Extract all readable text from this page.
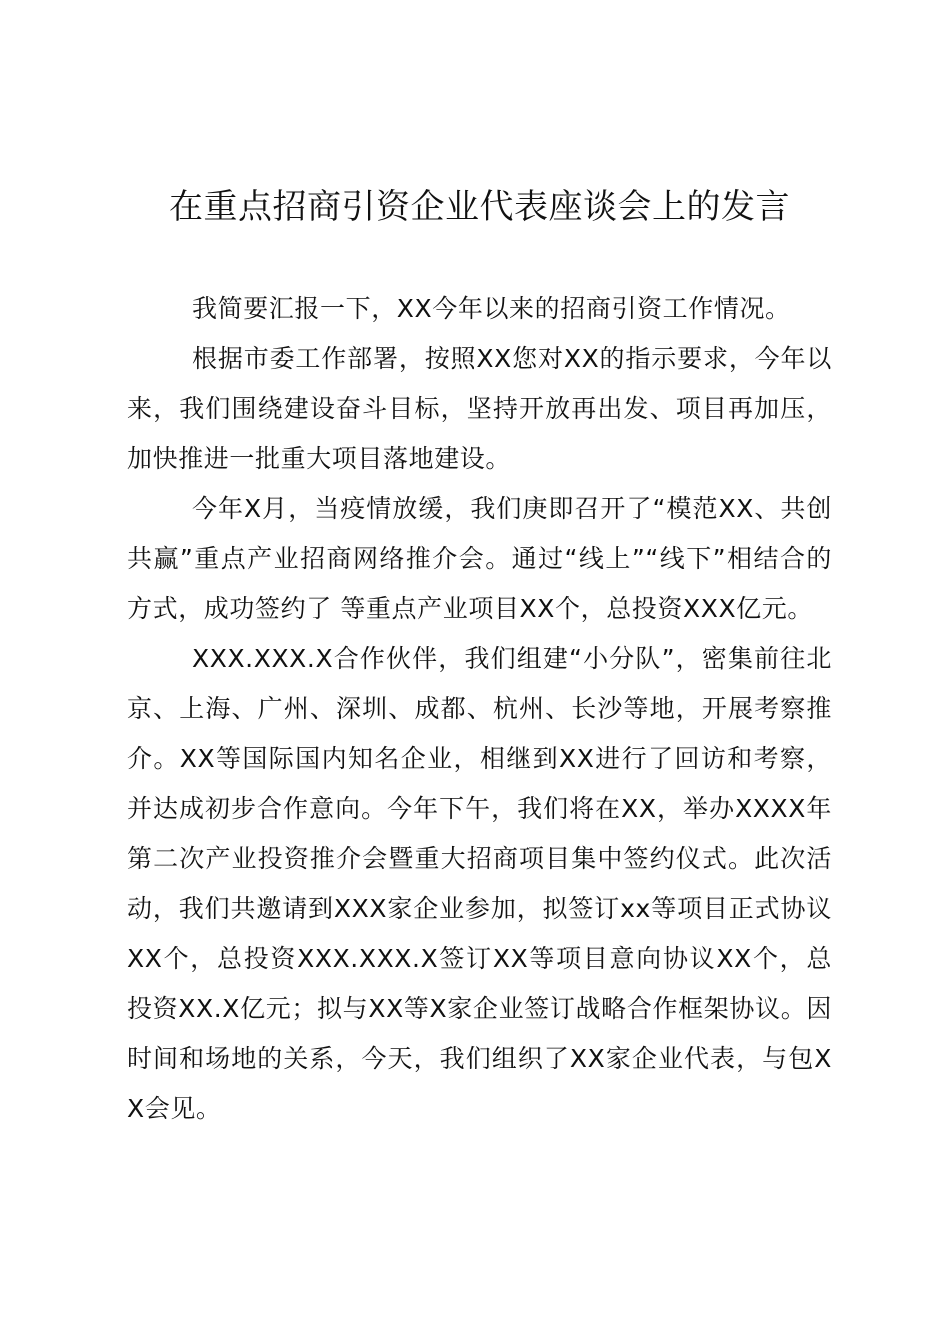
在重点招商引资企业代表座谈会上的发言

我简要汇报一下，XX今年以来的招商引资工作情况。

根据市委工作部署，按照XX您对XX的指示要求，今年以来，我们围绕建设奋斗目标，坚持开放再出发、项目再加压，加快推进一批重大项目落地建设。

今年X月，当疫情放缓，我们庚即召开了“模范XX、共创共赢”重点产业招商网络推介会。通过“线上”“线下”相结合的方式，成功签约了 等重点产业项目XX个，总投资XXX亿元。

XXX.XXX.X合作伙伴，我们组建“小分队”，密集前往北京、上海、广州、深圳、成都、杭州、长沙等地，开展考察推介。XX等国际国内知名企业，相继到XX进行了回访和考察，并达成初步合作意向。今年下午，我们将在XX，举办XXXX年第二次产业投资推介会暨重大招商项目集中签约仪式。此次活动，我们共邀请到XXX家企业参加，拟签订xx等项目正式协议XX个，总投资XXX.XXX.X签订XX等项目意向协议XX个，总投资XX.X亿元；拟与XX等X家企业签订战略合作框架协议。因时间和场地的关系，今天，我们组织了XX家企业代表，与包XX会见。
